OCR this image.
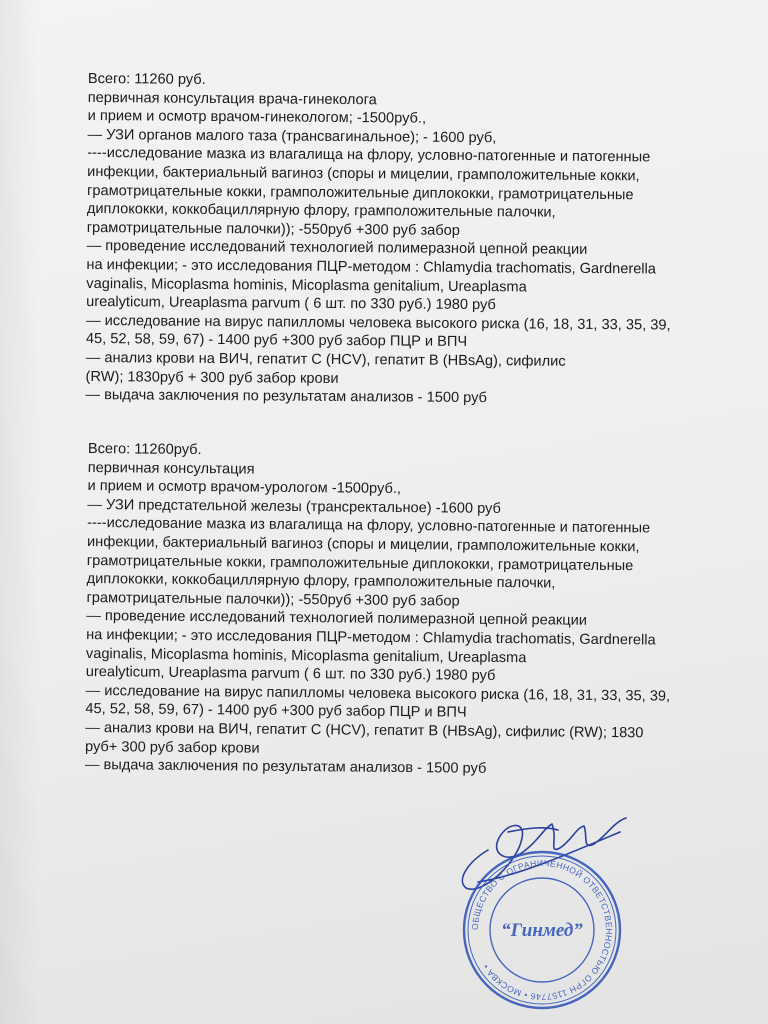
Всего: 11260 руб.
первичная консультация врача-гинеколога
и прием и осмотр врачом-гинекологом; -1500руб.,
— УЗИ органов малого таза (трансвагинальное); - 1600 руб,
----исследование мазка из влагалища на флору, условно-патогенные и патогенные
инфекции, бактериальный вагиноз (споры и мицелии, грамположительные кокки,
грамотрицательные кокки, грамположительные диплококки, грамотрицательные
диплококки, коккобациллярную флору, грамположительные палочки,
грамотрицательные палочки)); -550руб +300 руб забор
— проведение исследований технологией полимеразной цепной реакции
на инфекции; - это исследования ПЦР-методом : Chlamydia trachomatis, Gardnerella
vaginalis, Micoplasma hominis, Micoplasma genitalium, Ureaplasma
urealyticum, Ureaplasma parvum ( 6 шт. по 330 руб.) 1980 руб
— исследование на вирус папилломы человека высокого риска (16, 18, 31, 33, 35, 39,
45, 52, 58, 59, 67) - 1400 руб +300 руб забор ПЦР и ВПЧ
— анализ крови на ВИЧ, гепатит С (HCV), гепатит В (HBsAg), сифилис
(RW); 1830руб + 300 руб забор крови
— выдача заключения по результатам анализов - 1500 руб
Всего: 11260руб.
первичная консультация
и прием и осмотр врачом-урологом -1500руб.,
— УЗИ предстательной железы (трансректальное) -1600 руб
----исследование мазка из влагалища на флору, условно-патогенные и патогенные
инфекции, бактериальный вагиноз (споры и мицелии, грамположительные кокки,
грамотрицательные кокки, грамположительные диплококки, грамотрицательные
диплококки, коккобациллярную флору, грамположительные палочки,
грамотрицательные палочки)); -550руб +300 руб забор
— проведение исследований технологией полимеразной цепной реакции
на инфекции; - это исследования ПЦР-методом : Chlamydia trachomatis, Gardnerella
vaginalis, Micoplasma hominis, Micoplasma genitalium, Ureaplasma
urealyticum, Ureaplasma parvum ( 6 шт. по 330 руб.) 1980 руб
— исследование на вирус папилломы человека высокого риска (16, 18, 31, 33, 35, 39,
45, 52, 58, 59, 67) - 1400 руб +300 руб забор ПЦР и ВПЧ
— анализ крови на ВИЧ, гепатит С (HCV), гепатит В (HBsAg), сифилис (RW); 1830
руб+ 300 руб забор крови
— выдача заключения по результатам анализов - 1500 руб
ОБЩЕСТВО С ОГРАНИЧЕННОЙ ОТВЕТСТВЕННОСТЬЮ ОГРН 1157746 • МОСКВА •
“Гинмед”
